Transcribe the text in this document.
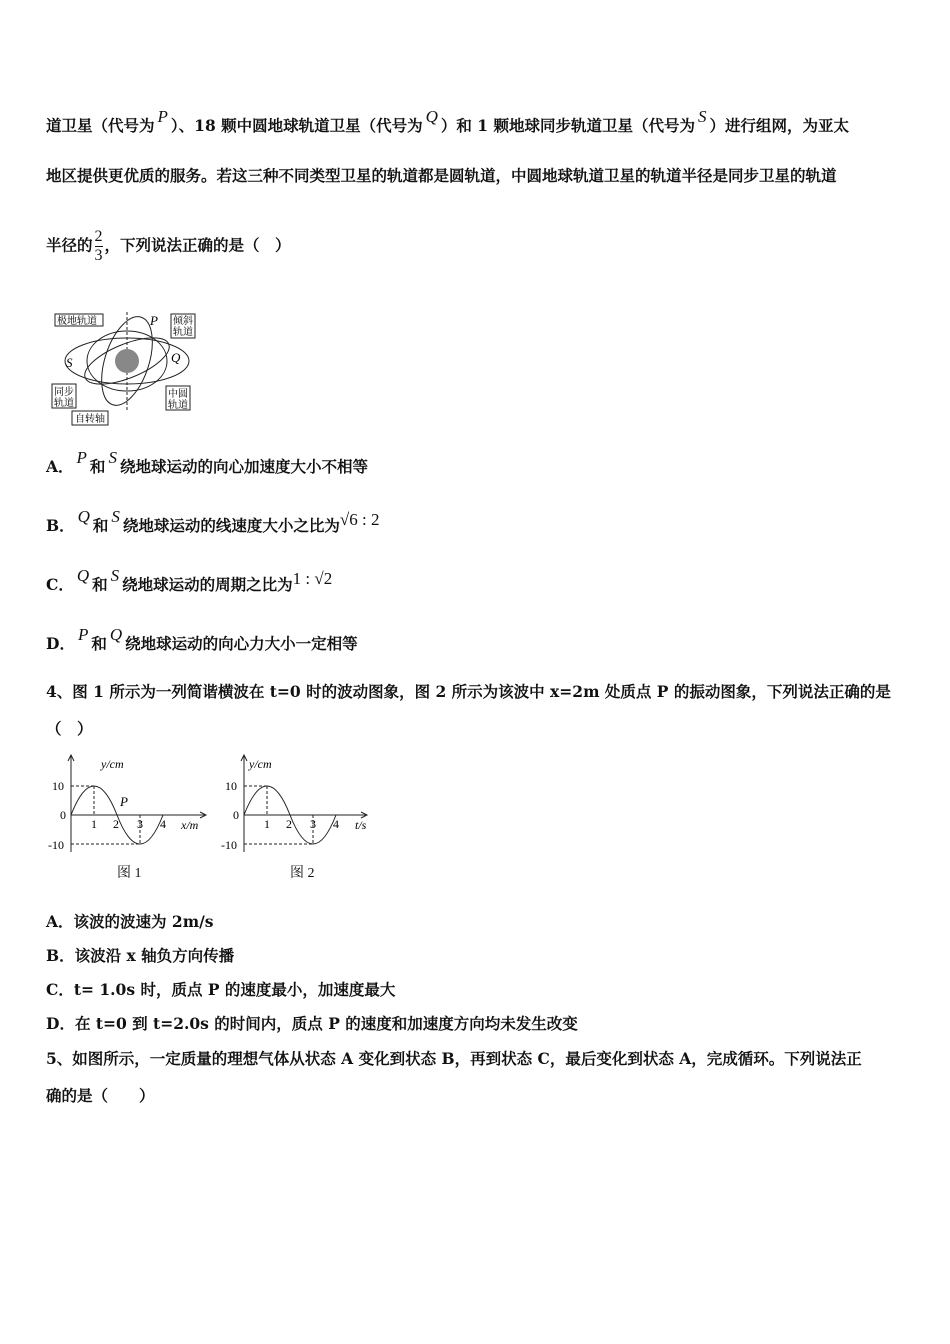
道卫星（代号为 P ）、18 颗中圆地球轨道卫星（代号为 Q ）和 1 颗地球同步轨道卫星（代号为 S ）进行组网，为亚太
地区提供更优质的服务。若这三种不同类型卫星的轨道都是圆轨道，中圆地球轨道卫星的轨道半径是同步卫星的轨道
半径的 $\frac{2}{3}$ ，下列说法正确的是（　）
极地轨道	P 倾斜
轨道
S	Q
同步
轨道
中圆
轨道
自转轴
A． P 和 S 绕地球运动的向心加速度大小不相等
B． Q 和 S 绕地球运动的线速度大小之比为√6 : 2
C． Q 和 S 绕地球运动的周期之比为1 : √2
D． P 和 Q 绕地球运动的向心力大小一定相等
4、图 1 所示为一列简谐横波在 t=0 时的波动图象，图 2 所示为该波中 x=2m 处质点 P 的振动图象，下列说法正确的是
（　）
y/cm
x/m
10
0
-10
1 2 3 4
P
图 1
y/cm
t/s
10
0
-10
1 2 3 4
图 2
A．该波的波速为 2m/s
B．该波沿 x 轴负方向传播
C．t= 1.0s 时，质点 P 的速度最小，加速度最大
D．在 t=0 到 t=2.0s 的时间内，质点 P 的速度和加速度方向均未发生改变
5、如图所示，一定质量的理想气体从状态 A 变化到状态 B，再到状态 C，最后变化到状态 A，完成循环。下列说法正
确的是（　　）
